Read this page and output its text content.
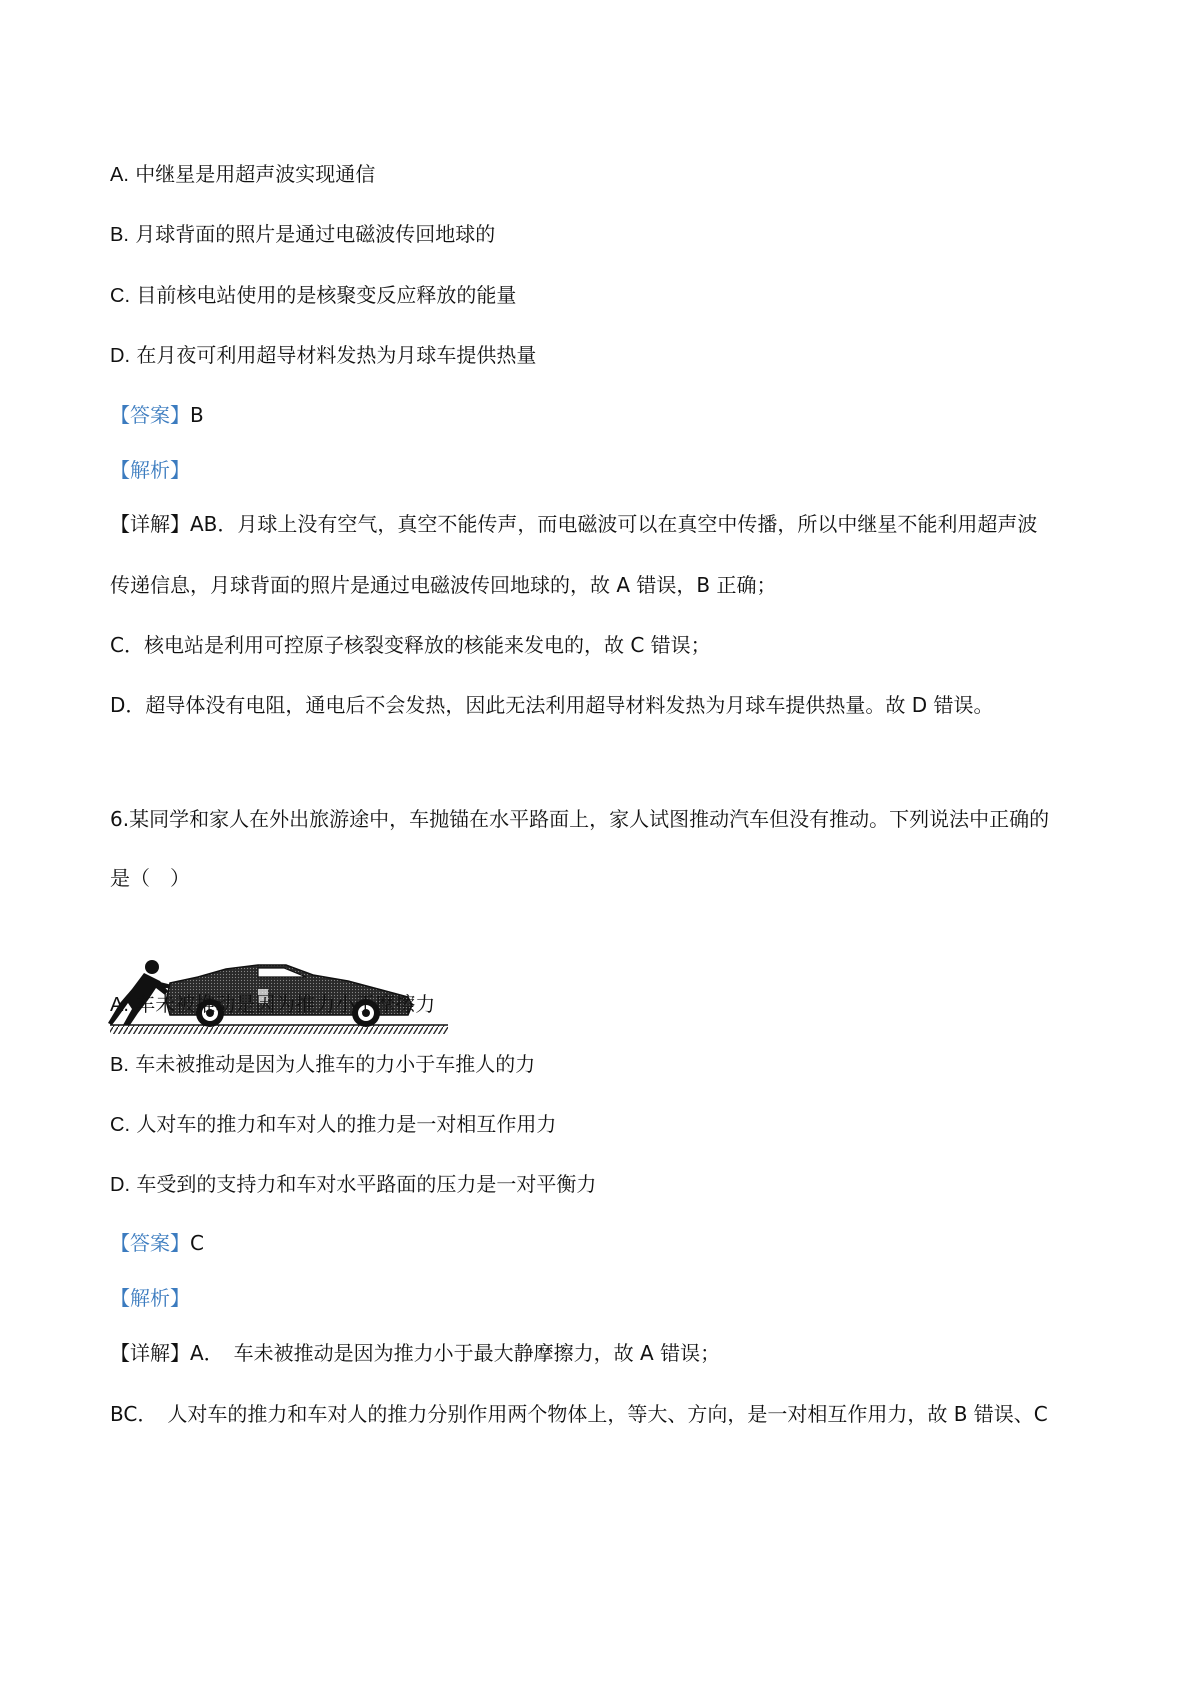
A. 中继星是用超声波实现通信
B. 月球背面的照片是通过电磁波传回地球的
C. 目前核电站使用的是核聚变反应释放的能量
D. 在月夜可利用超导材料发热为月球车提供热量
【答案】B
【解析】
【详解】AB．月球上没有空气，真空不能传声，而电磁波可以在真空中传播，所以中继星不能利用超声波
传递信息，月球背面的照片是通过电磁波传回地球的，故 A 错误，B 正确；
C．核电站是利用可控原子核裂变释放的核能来发电的，故 C 错误；
D．超导体没有电阻，通电后不会发热，因此无法利用超导材料发热为月球车提供热量。故 D 错误。
6.某同学和家人在外出旅游途中，车抛锚在水平路面上，家人试图推动汽车但没有推动。下列说法中正确的
是（　）
A. 车未被推动是因为推力小于摩擦力
B. 车未被推动是因为人推车的力小于车推人的力
C. 人对车的推力和车对人的推力是一对相互作用力
D. 车受到的支持力和车对水平路面的压力是一对平衡力
【答案】C
【解析】
【详解】A．　车未被推动是因为推力小于最大静摩擦力，故 A 错误；
BC．　人对车的推力和车对人的推力分别作用两个物体上，等大、方向，是一对相互作用力，故 B 错误、C
